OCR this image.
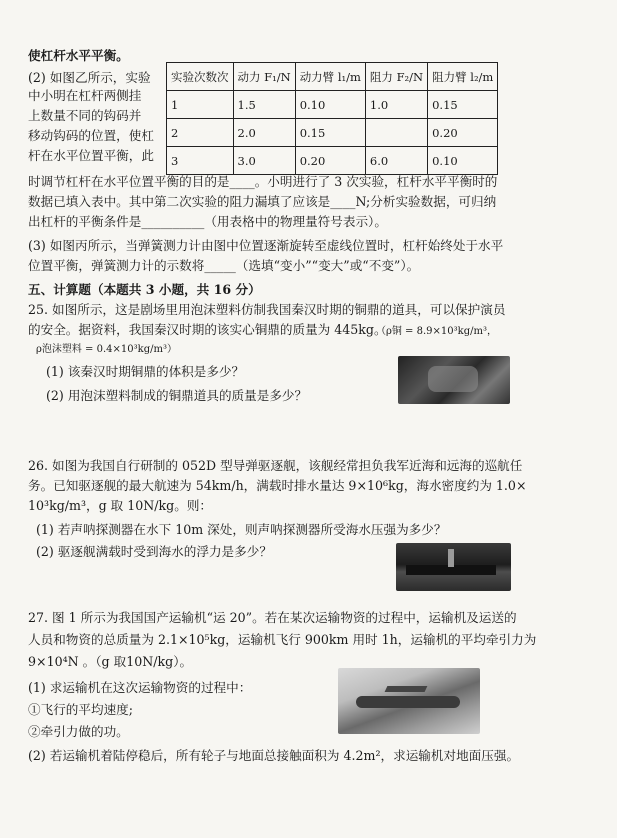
使杠杆水平平衡。
(2) 如图乙所示，实验
中小明在杠杆两侧挂
上数量不同的钩码并
移动钩码的位置，使杠
杆在水平位置平衡，此
实验次数次	动力 F₁/N	动力臂 l₁/m	阻力 F₂/N	阻力臂 l₂/m
1	1.5	0.10	1.0	0.15
2	2.0	0.15		0.20
3	3.0	0.20	6.0	0.10
时调节杠杆在水平位置平衡的目的是____。小明进行了 3 次实验，杠杆水平平衡时的
数据已填入表中。其中第二次实验的阻力漏填了应该是____N;分析实验数据，可归纳
出杠杆的平衡条件是__________（用表格中的物理量符号表示）。
(3) 如图丙所示，当弹簧测力计由图中位置逐渐旋转至虚线位置时，杠杆始终处于水平
位置平衡，弹簧测力计的示数将_____（选填“变小”“变大”或“不变”）。
五、计算题（本题共 3 小题，共 16 分）
25. 如图所示，这是剧场里用泡沫塑料仿制我国秦汉时期的铜鼎的道具，可以保护演员
的安全。据资料，我国秦汉时期的该实心铜鼎的质量为 445kg。
（ρ铜 = 8.9×10³kg/m³，
ρ泡沫塑料 = 0.4×10³kg/m³）
(1) 该秦汉时期铜鼎的体积是多少？
(2) 用泡沫塑料制成的铜鼎道具的质量是多少？
26. 如图为我国自行研制的 052D 型导弹驱逐舰，该舰经常担负我军近海和远海的巡航任
务。已知驱逐舰的最大航速为 54km/h，满载时排水量达 9×10⁶kg，海水密度约为 1.0×
10³kg/m³，g 取 10N/kg。则：
(1) 若声呐探测器在水下 10m 深处，则声呐探测器所受海水压强为多少？
(2) 驱逐舰满载时受到海水的浮力是多少？
27. 图 1 所示为我国国产运输机“运 20”。若在某次运输物资的过程中，运输机及运送的
人员和物资的总质量为 2.1×10⁵kg，运输机飞行 900km 用时 1h，运输机的平均牵引力为
9×10⁴N 。（g 取10N/kg）。
(1) 求运输机在这次运输物资的过程中：
①飞行的平均速度;
②牵引力做的功。
(2) 若运输机着陆停稳后，所有轮子与地面总接触面积为 4.2m²，求运输机对地面压强。
